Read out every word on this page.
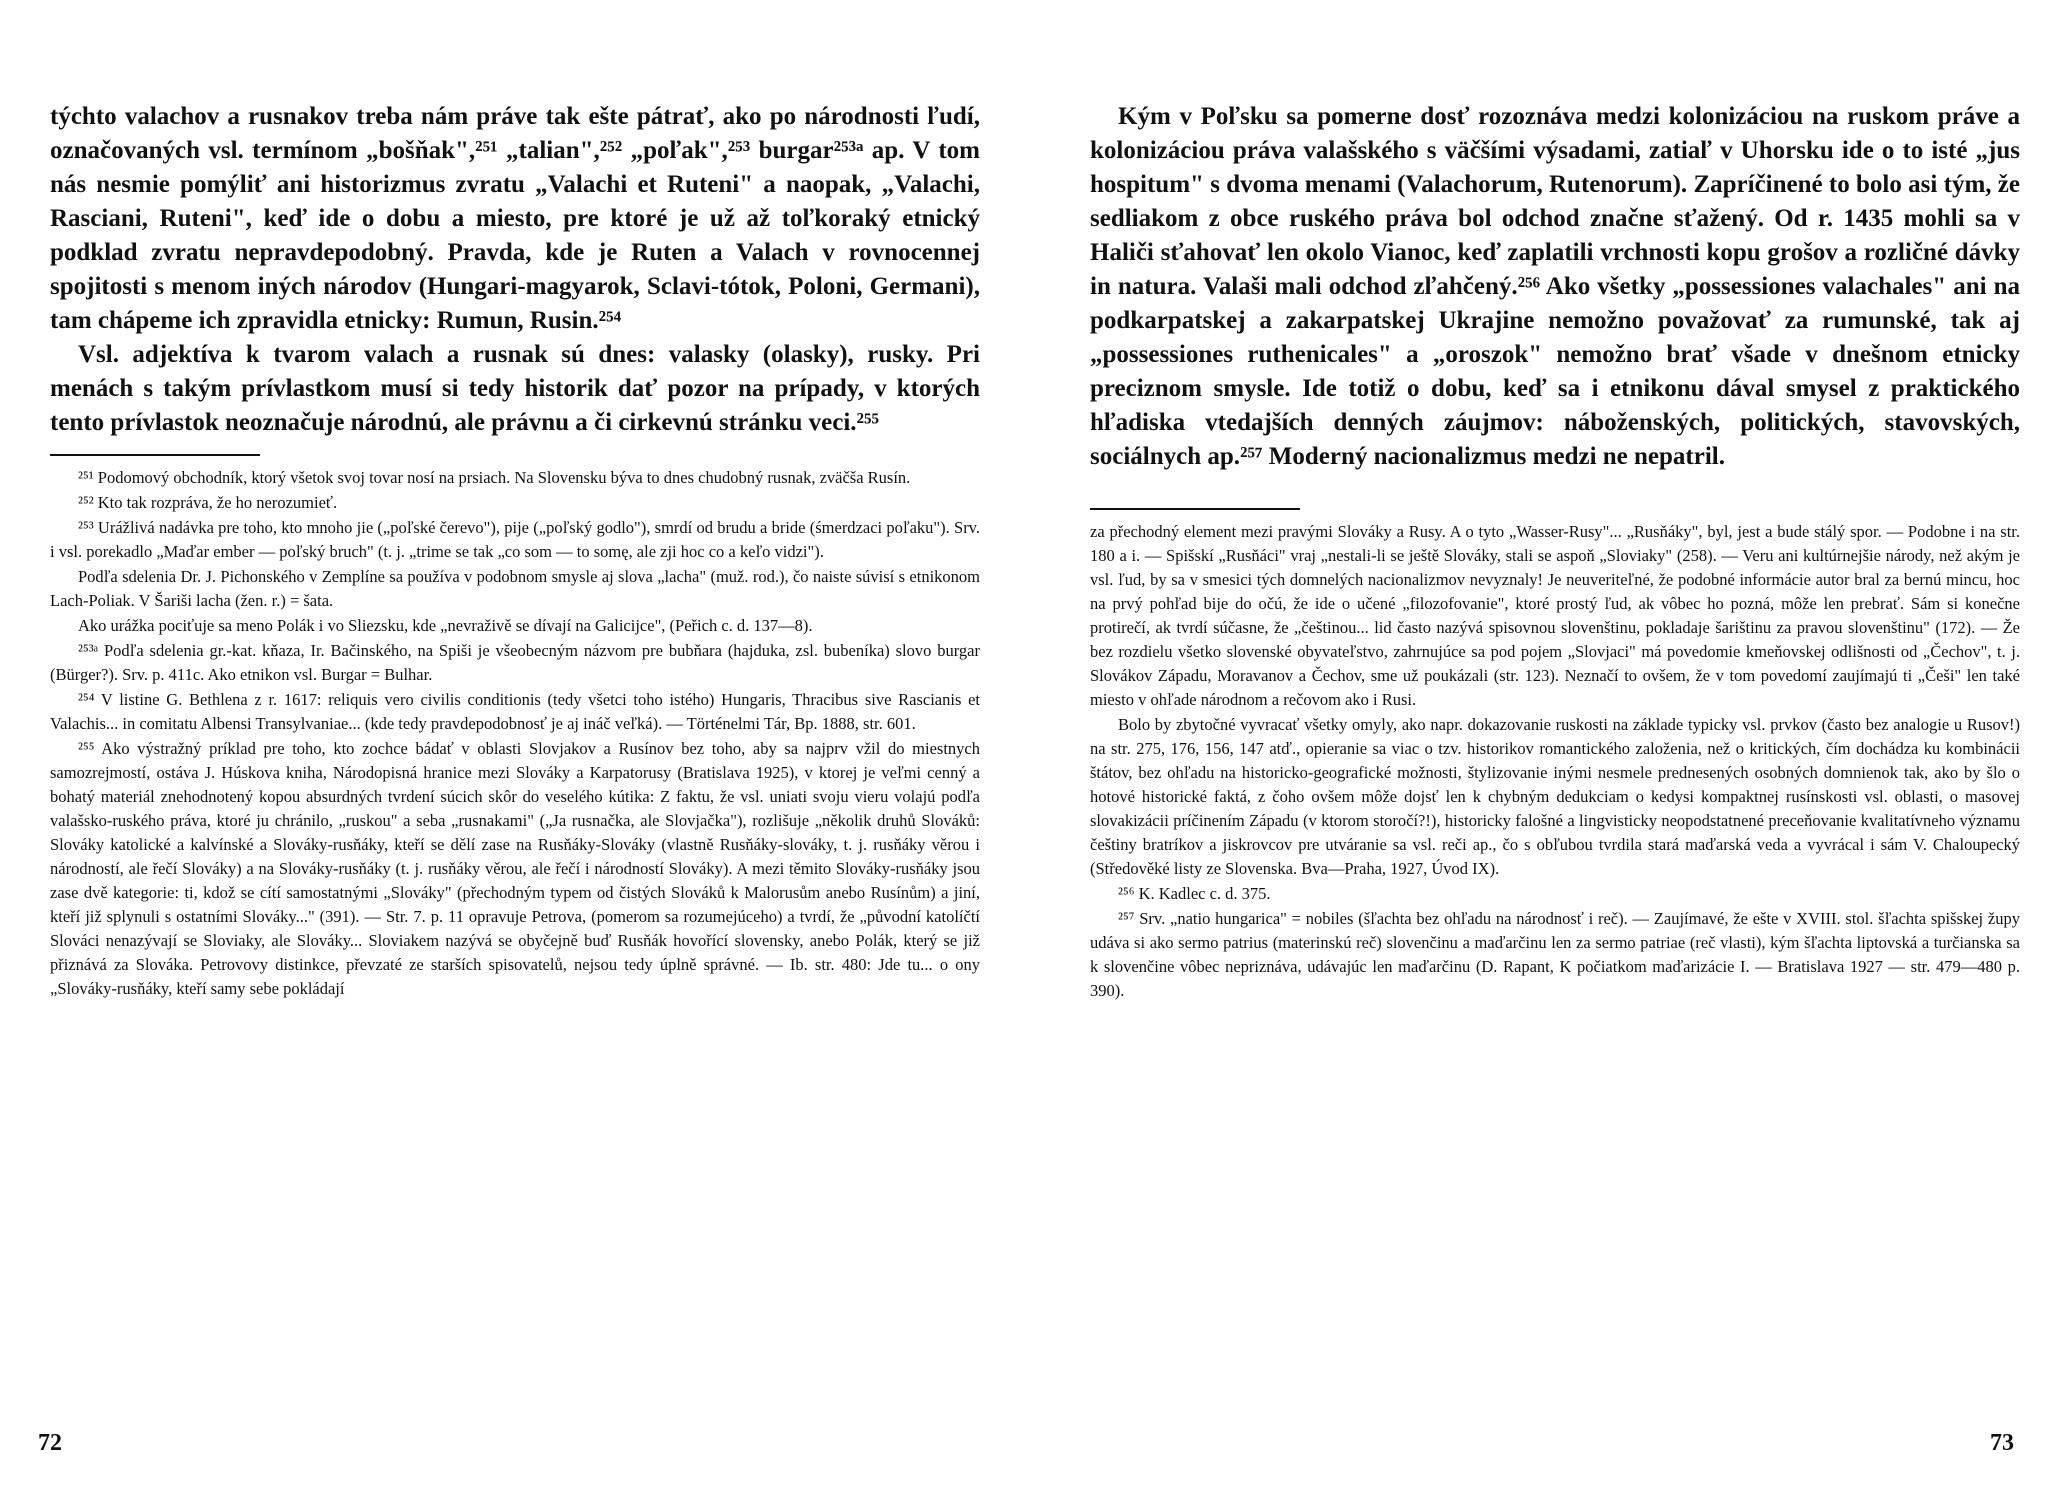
týchto valachov a rusnakov treba nám práve tak ešte pátrať, ako po národnosti ľudí, označovaných vsl. termínom „bošňak",²⁵¹ „talian",²⁵² „poľak",²⁵³ burgar²⁵³ᵃ ap. V tom nás nesmie pomýliť ani historizmus zvratu „Valachi et Ruteni" a naopak, „Valachi, Rasciani, Ruteni", keď ide o dobu a miesto, pre ktoré je už až toľkoraký etnický podklad zvratu nepravdepodobný. Pravda, kde je Ruten a Valach v rovnocennej spojitosti s menom iných národov (Hungari-magyarok, Sclavi-tótok, Poloni, Germani), tam chápeme ich zpravidla etnicky: Rumun, Rusin.²⁵⁴

Vsl. adjektíva k tvarom valach a rusnak sú dnes: valasky (olasky), rusky. Pri menách s takým prívlastkom musí si tedy historik dať pozor na prípady, v ktorých tento prívlastok neoznačuje národnú, ale právnu a či cirkevnú stránku veci.²⁵⁵

²⁵¹ Podomový obchodník, ktorý všetok svoj tovar nosí na prsiach. Na Slovensku býva to dnes chudobný rusnak, zväčša Rusín.

²⁵² Kto tak rozpráva, že ho nerozumieť.

²⁵³ Urážlivá nadávka pre toho, kto mnoho jie („poľské čerevo"), pije („poľský godlo"), smrdí od brudu a bride (śmerdzaci poľaku"). Srv. i vsl. porekadlo „Maďar ember — poľský bruch" (t. j. „trime se tak „co som — to somę, ale zji hoc co a keľo vidzi").

Podľa sdelenia Dr. J. Pichonského v Zemplíne sa používa v podobnom smysle aj slova „lacha" (muž. rod.), čo naiste súvisí s etnikonom Lach-Poliak. V Šariši lacha (žen. r.) = šata.

Ako urážka pociťuje sa meno Polák i vo Sliezsku, kde „nevraživě se dívají na Galicijce", (Peřich c. d. 137—8).

²⁵³ᵃ Podľa sdelenia gr.-kat. kňaza, Ir. Bačinského, na Spiši je všeobecným názvom pre bubňara (hajduka, zsl. bubeníka) slovo burgar (Bürger?). Srv. p. 411c. Ako etnikon vsl. Burgar = Bulhar.

²⁵⁴ V listine G. Bethlena z r. 1617: reliquis vero civilis conditionis (tedy všetci toho istého) Hungaris, Thracibus sive Rascianis et Valachis... in comitatu Albensi Transylvaniae... (kde tedy pravdepodobnosť je aj ináč veľká). — Történelmi Tár, Bp. 1888, str. 601.

²⁵⁵ Ako výstražný príklad pre toho, kto zochce bádať v oblasti Slovjakov a Rusínov bez toho, aby sa najprv vžil do miestnych samozrejmostí, ostáva J. Húskova kniha, Národopisná hranice mezi Slováky a Karpatorusy (Bratislava 1925), v ktorej je veľmi cenný a bohatý materiál znehodnotený kopou absurdných tvrdení súcich skôr do veselého kútika: Z faktu, že vsl. uniati svoju vieru volajú podľa valašsko-ruského práva, ktoré ju chránilo, „ruskou" a seba „rusnakami" („Ja rusnačka, ale Slovjačka"), rozlišuje „několik druhů Slováků: Slováky katolické a kalvínské a Slováky-rusňáky, kteří se dělí zase na Rusňáky-Slováky (vlastně Rusňáky-slováky, t. j. rusňáky věrou i národností, ale řečí Slováky) a na Slováky-rusňáky (t. j. rusňáky věrou, ale řečí i národností Slováky). A mezi těmito Slováky-rusňáky jsou zase dvě kategorie: ti, kdož se cítí samostatnými „Slováky" (přechodným typem od čistých Slováků k Malorusům anebo Rusínům) a jiní, kteří již splynuli s ostatními Slováky..." (391). — Str. 7. p. 11 opravuje Petrova, (pomerom sa rozumejúceho) a tvrdí, že „původní katolíčtí Slováci nenazývají se Sloviaky, ale Slováky... Sloviakem nazývá se obyčejně buď Rusňák hovořící slovensky, anebo Polák, který se již přiznává za Slováka. Petrovovy distinkce, převzaté ze starších spisovatelů, nejsou tedy úplně správné. — Ib. str. 480: Jde tu... o ony „Slováky-rusňáky, kteří samy sebe pokládají

72

Kým v Poľsku sa pomerne dosť rozoznáva medzi kolonizáciou na ruskom práve a kolonizáciou práva valašského s väčšími výsadami, zatiaľ v Uhorsku ide o to isté „jus hospitum" s dvoma menami (Valachorum, Rutenorum). Zapríčinené to bolo asi tým, že sedliakom z obce ruského práva bol odchod značne sťažený. Od r. 1435 mohli sa v Haliči sťahovať len okolo Vianoc, keď zaplatili vrchnosti kopu grošov a rozličné dávky in natura. Valaši mali odchod zľahčený.²⁵⁶ Ako všetky „possessiones valachales" ani na podkarpatskej a zakarpatskej Ukrajine nemožno považovať za rumunské, tak aj „possessiones ruthenicales" a „oroszok" nemožno brať všade v dnešnom etnicky preciznom smysle. Ide totiž o dobu, keď sa i etnikonu dával smysel z praktického hľadiska vtedajších denných záujmov: náboženských, politických, stavovských, sociálnych ap.²⁵⁷ Moderný nacionalizmus medzi ne nepatril.

za přechodný element mezi pravými Slováky a Rusy. A o tyto „Wasser-Rusy"... „Rusňáky", byl, jest a bude stálý spor. — Podobne i na str. 180 a i. — Spišskí „Rusňáci" vraj „nestali-li se ještě Slováky, stali se aspoň „Sloviaky" (258). — Veru ani kultúrnejšie národy, než akým je vsl. ľud, by sa v smesici tých domnelých nacionalizmov nevyznaly! Je neuveriteľné, že podobné informácie autor bral za bernú mincu, hoc na prvý pohľad bije do očú, že ide o učené „filozofovanie", ktoré prostý ľud, ak vôbec ho pozná, môže len prebrať. Sám si konečne protirečí, ak tvrdí súčasne, že „češtinou... lid často nazývá spisovnou slovenštinu, pokladaje šarištinu za pravou slovenštinu" (172). — Že bez rozdielu všetko slovenské obyvateľstvo, zahrnujúce sa pod pojem „Slovjaci" má povedomie kmeňovskej odlišnosti od „Čechov", t. j. Slovákov Západu, Moravanov a Čechov, sme už poukázali (str. 123). Neznačí to ovšem, že v tom povedomí zaujímajú ti „Češi" len také miesto v ohľade národnom a rečovom ako i Rusi.

Bolo by zbytočné vyvracať všetky omyly, ako napr. dokazovanie ruskosti na základe typicky vsl. prvkov (často bez analogie u Rusov!) na str. 275, 176, 156, 147 atď., opieranie sa viac o tzv. historikov romantického založenia, než o kritických, čím dochádza ku kombinácii štátov, bez ohľadu na historicko-geografické možnosti, štylizovanie inými nesmele prednesených osobných domnienok tak, ako by šlo o hotové historické faktá, z čoho ovšem môže dojsť len k chybným dedukciam o kedysi kompaktnej rusínskosti vsl. oblasti, o masovej slovakizácii príčinením Západu (v ktorom storočí?!), historicky falošné a lingvisticky neopodstatnené preceňovanie kvalitatívneho významu češtiny bratríkov a jiskrovcov pre utváranie sa vsl. reči ap., čo s obľubou tvrdila stará maďarská veda a vyvrácal i sám V. Chaloupecký (Středověké listy ze Slovenska. Bva—Praha, 1927, Úvod IX).

²⁵⁶ K. Kadlec c. d. 375.

²⁵⁷ Srv. „natio hungarica" = nobiles (šľachta bez ohľadu na národnosť i reč). — Zaujímavé, že ešte v XVIII. stol. šľachta spišskej župy udáva si ako sermo patrius (materinskú reč) slovenčinu a maďarčinu len za sermo patriae (reč vlasti), kým šľachta liptovská a turčianska sa k slovenčine vôbec nepriznáva, udávajúc len maďarčinu (D. Rapant, K počiatkom maďarizácie I. — Bratislava 1927 — str. 479—480 p. 390).

73
